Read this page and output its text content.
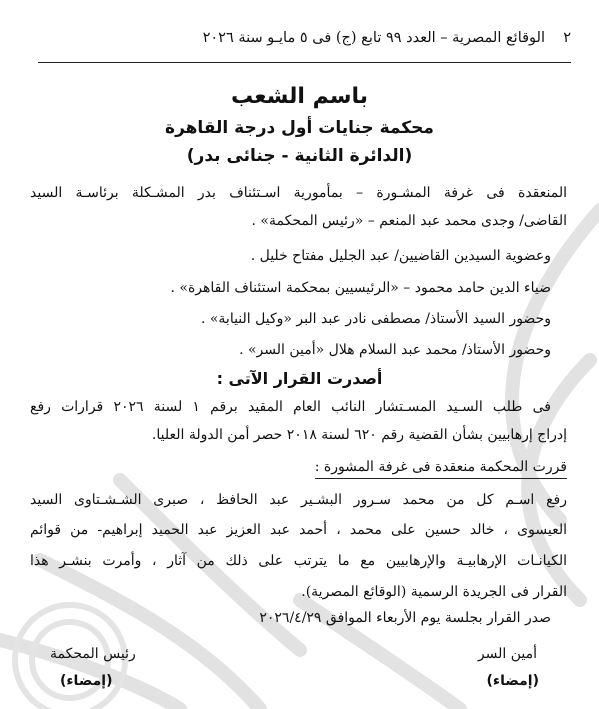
٢
الوقائع المصرية – العدد ٩٩ تابع (ج) فى ٥ مايـو سنة ٢٠٢٦
باسم الشعب
محكمة جنايات أول درجة القاهرة
(الدائرة الثانية - جنائى بدر)
المنعقدة فى غرفة المشـورة – بمأمورية اسـتئناف بدر المشـكلة برئاسـة السيد
القاضى/ وجدى محمد عبد المنعم – «رئيس المحكمة» .
وعضوية السيدين القاضيين/ عبد الجليل مفتاح خليل .
ضياء الدين حامد محمود – «الرئيسيين بمحكمة استئناف القاهرة» .
وحضور السيد الأستاذ/ مصطفى نادر عبد البر «وكيل النيابة» .
وحضور الأستاذ/ محمد عبد السلام هلال «أمين السر» .
أصدرت القرار الآتى :
فى طلب السـيد المسـتشار النائب العام المقيد برقم ١ لسنة ٢٠٢٦ قرارات رفع
إدراج إرهابيين بشأن القضية رقم ٦٢٠ لسنة ٢٠١٨ حصر أمن الدولة العليا.
قررت المحكمة منعقدة فى غرفة المشورة :
رفع اسـم كل من محمد سـرور البشـير عبد الحافظ ، صبرى الشـشـتاوى السيد
العيسوى ، خالد حسين على محمد ، أحمد عبد العزيز عبد الحميد إبراهيم- من قوائم
الكيانـات الإرهابيـة والإرهابيين مع ما يترتب على ذلك من آثار ، وأمرت بنشـر هذا
القرار فى الجريدة الرسمية (الوقائع المصرية).
صدر القرار بجلسة يوم الأربعاء الموافق ٢٠٢٦/٤/٢٩
أمين السر
(إمضاء)
رئيس المحكمة
(إمضاء)
